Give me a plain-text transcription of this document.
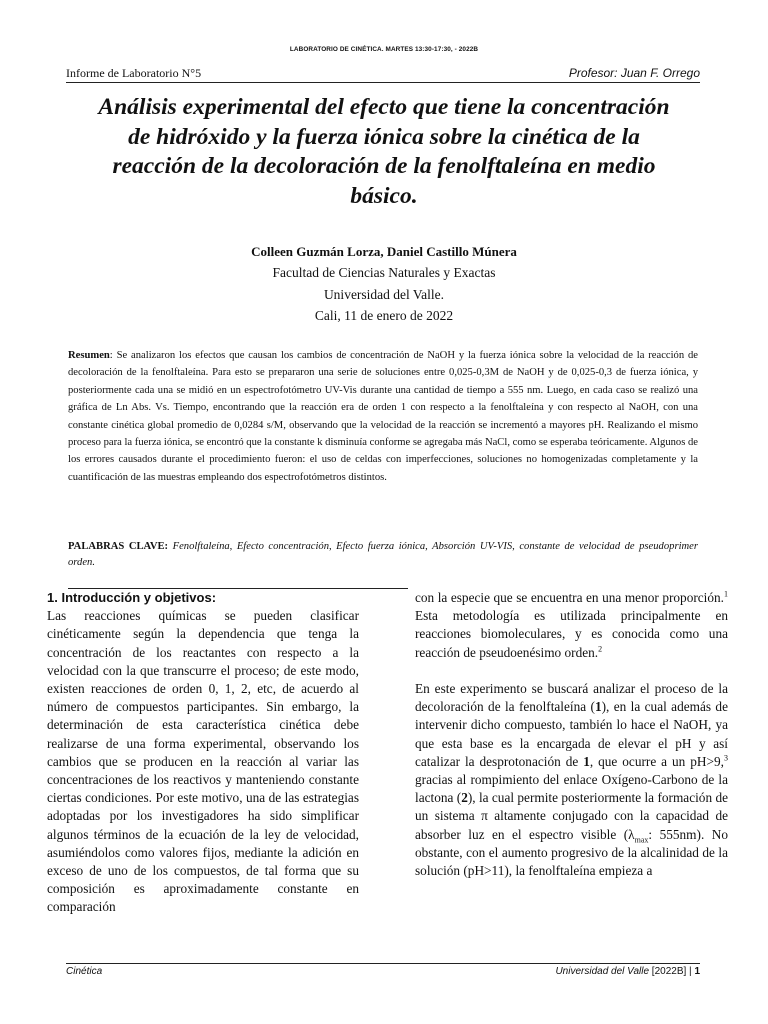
LABORATORIO DE CINÉTICA. MARTES 13:30-17:30, - 2022B
Informe de Laboratorio N°5	Profesor: Juan F. Orrego
Análisis experimental del efecto que tiene la concentración
de hidróxido y la fuerza iónica sobre la cinética de la
reacción de la decoloración de la fenolftaleína en medio
básico.
Colleen Guzmán Lorza, Daniel Castillo Múnera
Facultad de Ciencias Naturales y Exactas
Universidad del Valle.
Cali, 11 de enero de 2022

Resumen: Se analizaron los efectos que causan los cambios de concentración de NaOH y la fuerza iónica sobre la velocidad de la reacción de decoloración de la fenolftaleína. Para esto se prepararon una serie de soluciones entre 0,025-0,3M de NaOH y de 0,025-0,3 de fuerza iónica, y posteriormente cada una se midió en un espectrofotómetro UV-Vis durante una cantidad de tiempo a 555 nm. Luego, en cada caso se realizó una gráfica de Ln Abs. Vs. Tiempo, encontrando que la reacción era de orden 1 con respecto a la fenolftaleína y con respecto al NaOH, con una constante cinética global promedio de 0,0284 s/M, observando que la velocidad de la reacción se incrementó a mayores pH. Realizando el mismo proceso para la fuerza iónica, se encontró que la constante k disminuía conforme se agregaba más NaCl, como se esperaba teóricamente. Algunos de los errores causados durante el procedimiento fueron: el uso de celdas con imperfecciones, soluciones no homogenizadas completamente y la cuantificación de las muestras empleando dos espectrofotómetros distintos.

PALABRAS CLAVE: Fenolftaleína, Efecto concentración, Efecto fuerza iónica, Absorción UV-VIS, constante de velocidad de pseudoprimer orden.

1. Introducción y objetivos:

Las reacciones químicas se pueden clasificar cinéticamente según la dependencia que tenga la concentración de los reactantes con respecto a la velocidad con la que transcurre el proceso; de este modo, existen reacciones de orden 0, 1, 2, etc, de acuerdo al número de compuestos participantes. Sin embargo, la determinación de esta característica cinética debe realizarse de una forma experimental, observando los cambios que se producen en la reacción al variar las concentraciones de los reactivos y manteniendo constante ciertas condiciones. Por este motivo, una de las estrategias adoptadas por los investigadores ha sido simplificar algunos términos de la ecuación de la ley de velocidad, asumiéndolos como valores fijos, mediante la adición en exceso de uno de los compuestos, de tal forma que su composición es aproximadamente constante en comparación

con la especie que se encuentra en una menor proporción.$^1$ Esta metodología es utilizada principalmente en reacciones biomoleculares, y es conocida como una reacción de pseudoenésimo orden.$^2$

En este experimento se buscará analizar el proceso de la decoloración de la fenolftaleína (1), en la cual además de intervenir dicho compuesto, también lo hace el NaOH, ya que esta base es la encargada de elevar el pH y así catalizar la desprotonación de 1, que ocurre a un pH>9,$^3$ gracias al rompimiento del enlace Oxígeno-Carbono de la lactona (2), la cual permite posteriormente la formación de un sistema π altamente conjugado con la capacidad de absorber luz en el espectro visible ($\lambda_{max}$: 555nm). No obstante, con el aumento progresivo de la alcalinidad de la solución (pH>11), la fenolftaleína empieza a

Cinética	Universidad del Valle [2022B] | 1
